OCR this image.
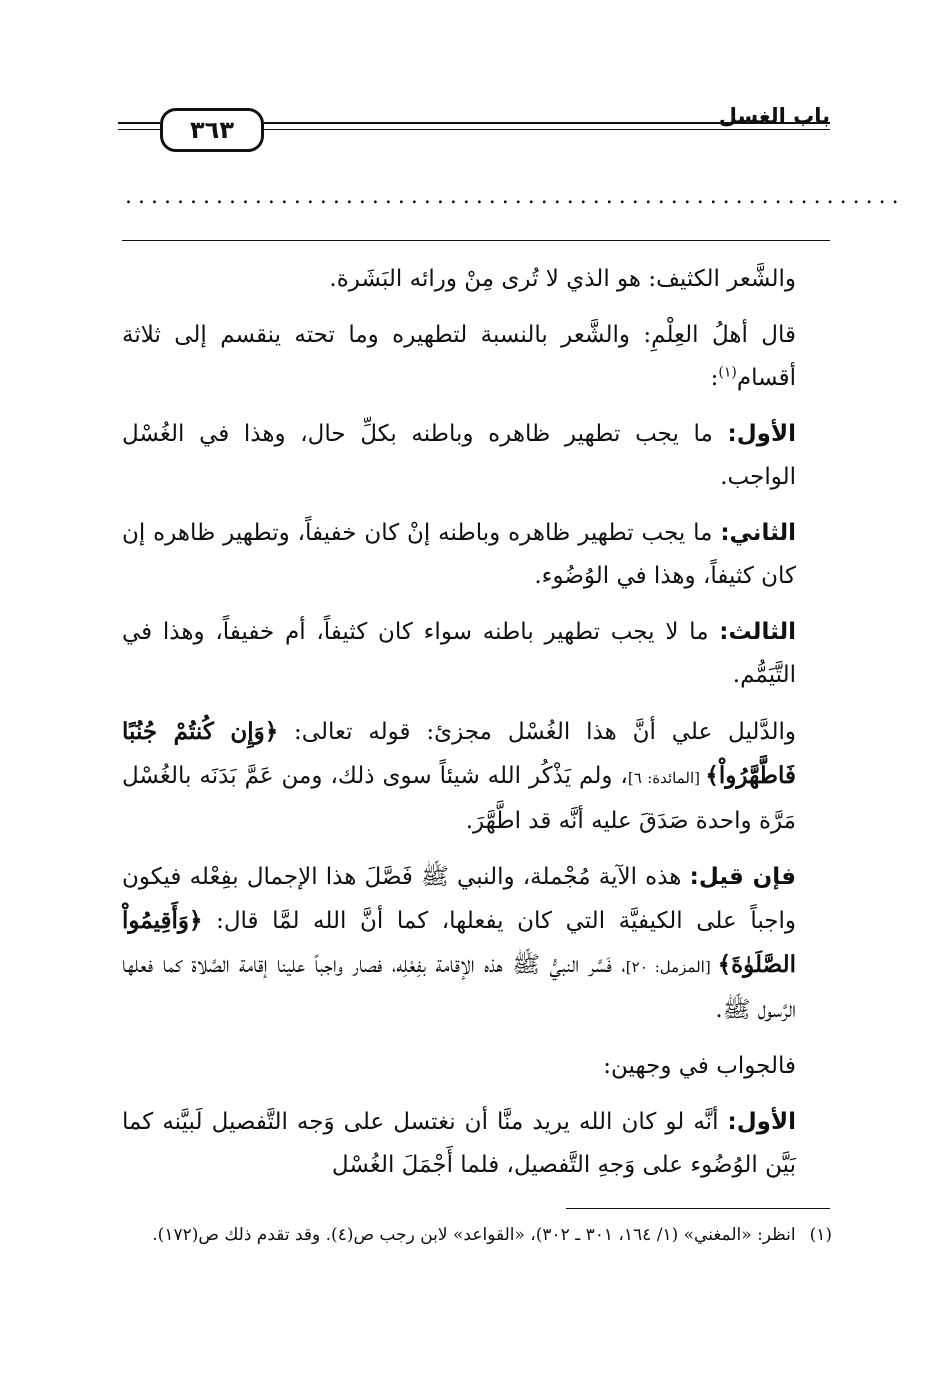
٣٦٣	باب الغسل
............................................................

والشَّعر الكثيف: هو الذي لا تُرى مِنْ ورائه البَشَرة.

قال أهلُ العِلْمِ: والشَّعر بالنسبة لتطهيره وما تحته ينقسم إلى ثلاثة أقسام$^{(١)}$:

الأول: ما يجب تطهير ظاهره وباطنه بكلِّ حال، وهذا في الغُسْل الواجب.

الثاني: ما يجب تطهير ظاهره وباطنه إنْ كان خفيفاً، وتطهير ظاهره إن كان كثيفاً، وهذا في الوُضُوء.

الثالث: ما لا يجب تطهير باطنه سواء كان كثيفاً، أم خفيفاً، وهذا في التَّيَمُّم.

والدَّليل علي أنَّ هذا الغُسْل مجزئ: قوله تعالى: ﴿وَإِن كُنتُمْ جُنُبًا فَاطَّهَّرُواْ﴾ [المائدة: ٦]، ولم يَذْكُر الله شيئاً سوى ذلك، ومن عَمَّ بَدَنَه بالغُسْل مَرَّة واحدة صَدَقَ عليه أنَّه قد اطَّهَّرَ.

فإن قيل: هذه الآية مُجْملة، والنبي ﷺ فَصَّلَ هذا الإجمال بفِعْله فيكون واجباً على الكيفيَّة التي كان يفعلها، كما أنَّ الله لمَّا قال: ﴿وَأَقِيمُواْ الصَّلَوٰةَ﴾ [المزمل: ٢٠]، فَسَّر النبيُّ ﷺ هذه الإقامة بفِعْلِه، فصار واجباً علينا إقامة الصَّلاة كما فعلها الرَّسول ﷺ.

فالجواب في وجهين:

الأول: أنَّه لو كان الله يريد منَّا أن نغتسل على وَجه التَّفصيل لَبيَّنه كما بَيَّن الوُضُوء على وَجهِ التَّفصيل، فلما أَجْمَلَ الغُسْل

(١)انظر: «المغني» (١/ ١٦٤، ٣٠١ ـ ٣٠٢)، «القواعد» لابن رجب ص(٤). وقد تقدم ذلك ص(١٧٢).
